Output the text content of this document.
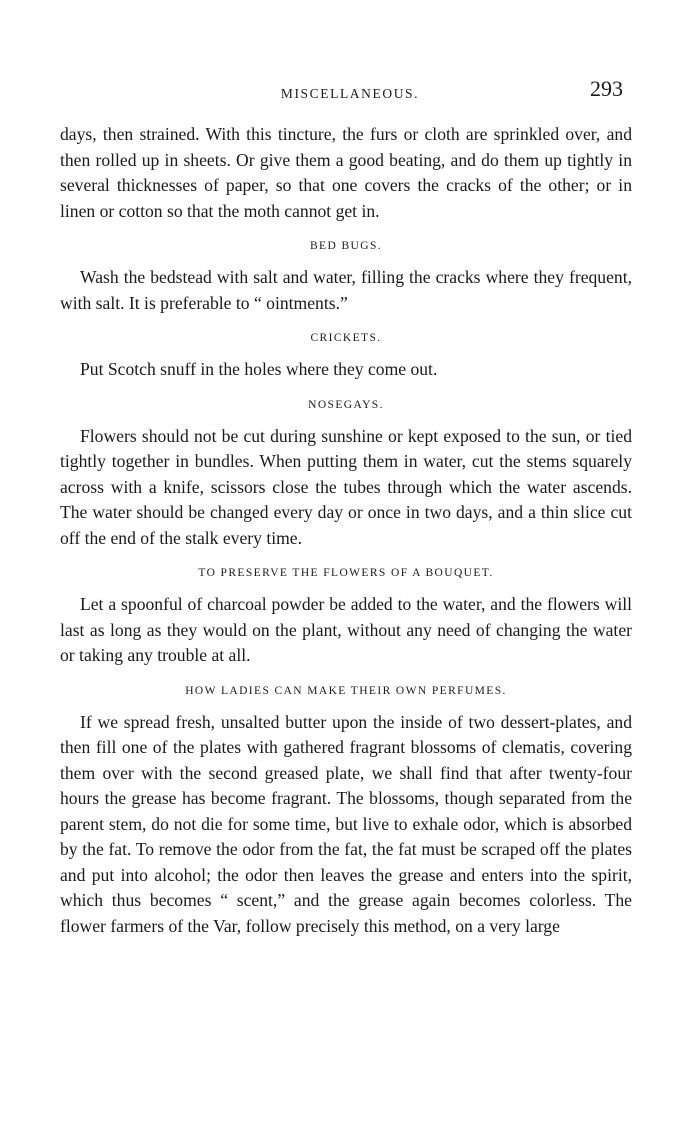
MISCELLANEOUS.	293

days, then strained. With this tincture, the furs or cloth are sprinkled over, and then rolled up in sheets. Or give them a good beating, and do them up tightly in several thicknesses of paper, so that one covers the cracks of the other; or in linen or cotton so that the moth cannot get in.

BED BUGS.

Wash the bedstead with salt and water, filling the cracks where they frequent, with salt. It is preferable to “ ointments.”

CRICKETS.

Put Scotch snuff in the holes where they come out.

NOSEGAYS.

Flowers should not be cut during sunshine or kept exposed to the sun, or tied tightly together in bundles. When putting them in water, cut the stems squarely across with a knife, scissors close the tubes through which the water ascends. The water should be changed every day or once in two days, and a thin slice cut off the end of the stalk every time.

TO PRESERVE THE FLOWERS OF A BOUQUET.

Let a spoonful of charcoal powder be added to the water, and the flowers will last as long as they would on the plant, without any need of changing the water or taking any trouble at all.

HOW LADIES CAN MAKE THEIR OWN PERFUMES.

If we spread fresh, unsalted butter upon the inside of two dessert-plates, and then fill one of the plates with gathered fragrant blossoms of clematis, covering them over with the second greased plate, we shall find that after twenty-four hours the grease has become fragrant. The blossoms, though separated from the parent stem, do not die for some time, but live to exhale odor, which is absorbed by the fat. To remove the odor from the fat, the fat must be scraped off the plates and put into alcohol; the odor then leaves the grease and enters into the spirit, which thus becomes “ scent,” and the grease again becomes colorless. The flower farmers of the Var, follow precisely this method, on a very large
